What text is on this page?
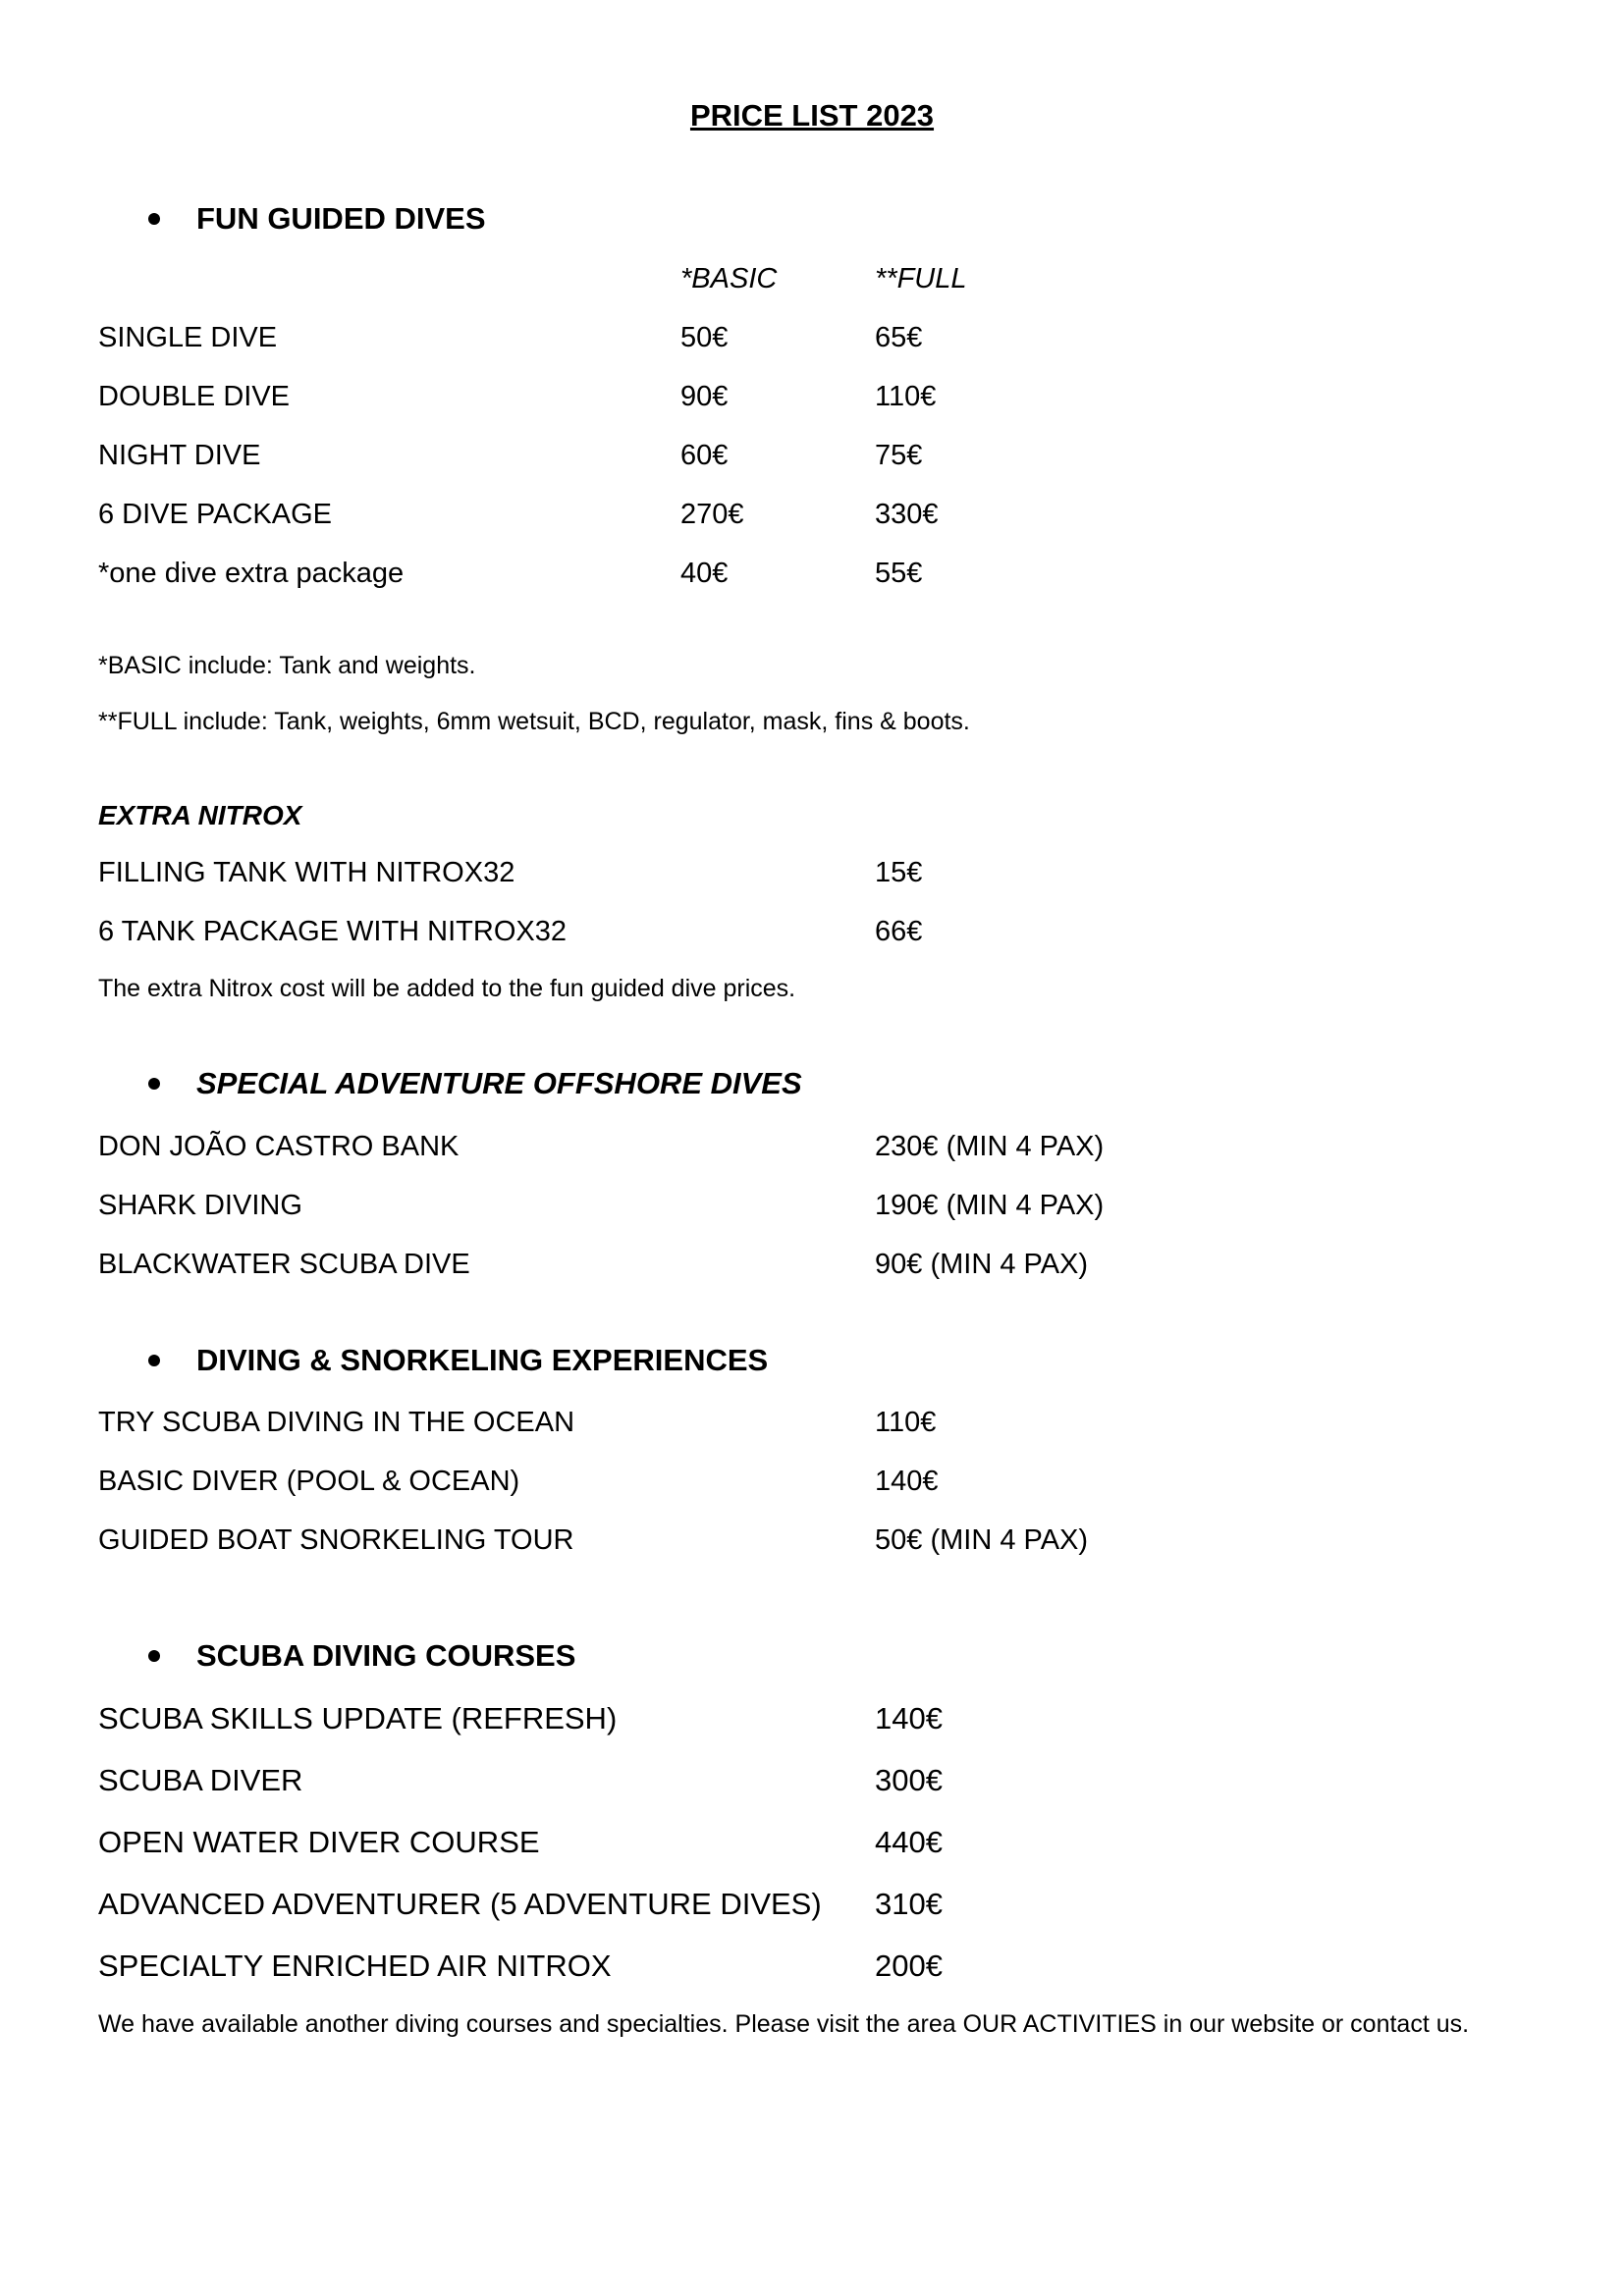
PRICE LIST 2023
FUN GUIDED DIVES
*BASIC	**FULL
SINGLE DIVE	50€	65€
DOUBLE DIVE	90€	110€
NIGHT DIVE	60€	75€
6 DIVE PACKAGE	270€	330€
*one dive extra package	40€	55€
*BASIC include: Tank and weights.
**FULL include: Tank, weights, 6mm wetsuit, BCD, regulator, mask, fins & boots.
EXTRA NITROX
FILLING TANK WITH NITROX32	15€
6 TANK PACKAGE WITH NITROX32	66€
The extra Nitrox cost will be added to the fun guided dive prices.
SPECIAL ADVENTURE OFFSHORE DIVES
DON JOÃO CASTRO BANK	230€ (MIN 4 PAX)
SHARK DIVING	190€ (MIN 4 PAX)
BLACKWATER SCUBA DIVE	90€ (MIN 4 PAX)
DIVING & SNORKELING EXPERIENCES
TRY SCUBA DIVING IN THE OCEAN	110€
BASIC DIVER (POOL & OCEAN)	140€
GUIDED BOAT SNORKELING TOUR	50€ (MIN 4 PAX)
SCUBA DIVING COURSES
SCUBA SKILLS UPDATE (REFRESH)	140€
SCUBA DIVER	300€
OPEN WATER DIVER COURSE	440€
ADVANCED ADVENTURER (5 ADVENTURE DIVES) 310€
SPECIALTY ENRICHED AIR NITROX	200€
We have available another diving courses and specialties. Please visit the area OUR ACTIVITIES in our website or contact us.
